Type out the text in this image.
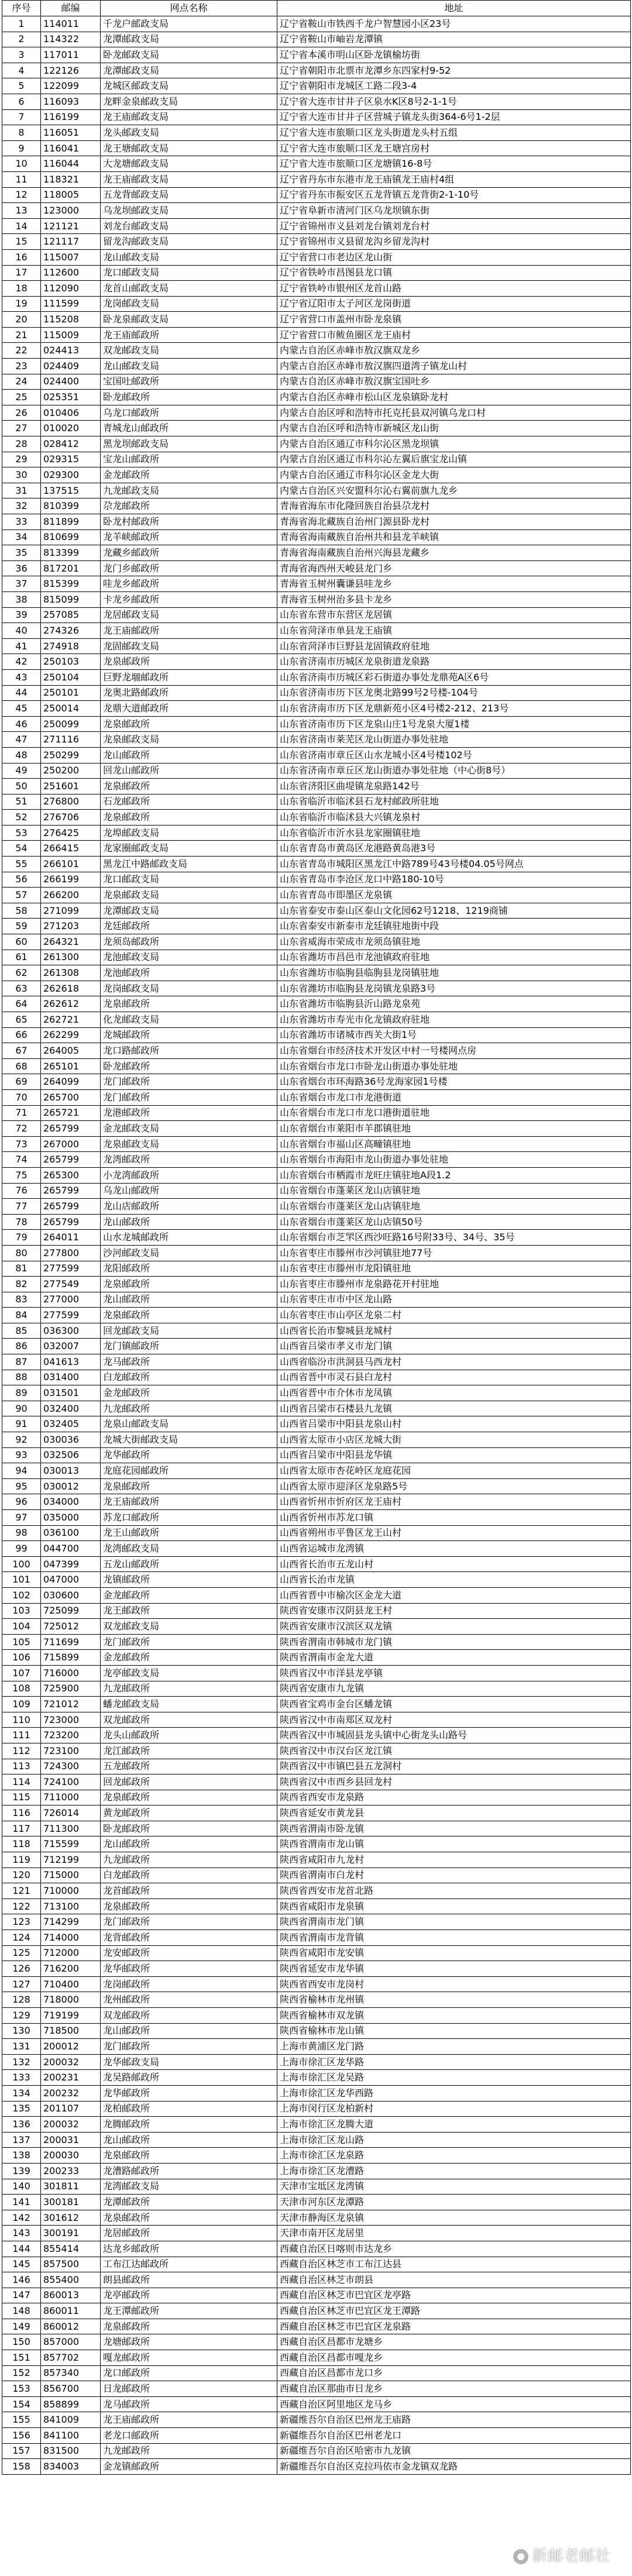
序号	邮编	网点名称	地址
1	114011	千龙户邮政支局	辽宁省鞍山市铁西千龙户智慧园小区23号
2	114322	龙潭邮政支局	辽宁省鞍山市岫岩龙潭镇
3	117011	卧龙邮政支局	辽宁省本溪市明山区卧龙镇榆坊街
4	122126	龙潭邮政支局	辽宁省朝阳市北票市龙潭乡东四家村9-52
5	122099	龙城区邮政支局	辽宁省朝阳市龙城区工路二段3-4
6	116093	龙畔金泉邮政支局	辽宁省大连市甘井子区泉水K区8号2-1-1号
7	116199	龙王庙邮政支局	辽宁省大连市甘井子区营城子镇龙头街364-6号1-2层
8	116051	龙头邮政支局	辽宁省大连市旅顺口区龙头街道龙头村五组
9	116041	龙王塘邮政支局	辽宁省大连市旅顺口区龙王塘宫房村
10	116044	大龙塘邮政支局	辽宁省大连市旅顺口区龙塘镇16-8号
11	118321	龙王庙邮政支局	辽宁省丹东市东港市龙王庙镇龙王庙村4组
12	118005	五龙背邮政支局	辽宁省丹东市振安区五龙背镇五龙背街2-1-10号
13	123000	乌龙坝邮政支局	辽宁省阜新市清河门区乌龙坝镇东街
14	121121	刘龙台邮政支局	辽宁省锦州市义县刘龙台镇刘龙台村
15	121117	留龙沟邮政支局	辽宁省锦州市义县留龙沟乡留龙沟村
16	115007	龙山邮政支局	辽宁省营口市老边区龙山街
17	112600	龙口邮政支局	辽宁省铁岭市昌图县龙口镇
18	112090	龙首山邮政支局	辽宁省铁岭市银州区龙首山路
19	111599	龙岗邮政支局	辽宁省辽阳市太子河区龙岗街道
20	115208	卧龙泉邮政支局	辽宁省营口市盖州市卧龙泉镇
21	115009	龙王庙邮政所	辽宁省营口市鲅鱼圈区龙王庙村
22	024413	双龙邮政支局	内蒙古自治区赤峰市敖汉旗双龙乡
23	024409	龙山邮政支局	内蒙古自治区赤峰市敖汉旗四道湾子镇龙山村
24	024400	宝国吐邮政所	内蒙古自治区赤峰市敖汉旗宝国吐乡
25	025351	卧龙邮政所	内蒙古自治区赤峰市松山区龙泉镇卧龙村
26	010406	乌龙口邮政所	内蒙古自治区呼和浩特市托克托县双河镇乌龙口村
27	010020	青城龙山邮政所	内蒙古自治区呼和浩特市新城区龙山街
28	028412	黑龙坝邮政支局	内蒙古自治区通辽市科尔沁区黑龙坝镇
29	029315	宝龙山邮政所	内蒙古自治区通辽市科尔沁左翼后旗宝龙山镇
30	029300	金龙邮政所	内蒙古自治区通辽市科尔沁区金龙大街
31	137515	九龙邮政支局	内蒙古自治区兴安盟科尔沁右翼前旗九龙乡
32	810399	尕龙邮政所	青海省海东市化隆回族自治县尕龙村
33	811899	卧龙村邮政所	青海省海北藏族自治州门源县卧龙村
34	810699	龙羊峡邮政所	青海省海南藏族自治州共和县龙羊峡镇
35	813399	龙藏乡邮政所	青海省海南藏族自治州兴海县龙藏乡
36	817201	龙门乡邮政所	青海省海西州天峻县龙门乡
37	815399	哇龙乡邮政所	青海省玉树州囊谦县哇龙乡
38	815099	卡龙乡邮政所	青海省玉树州治多县卡龙乡
39	257085	龙居邮政支局	山东省东营市东营区龙居镇
40	274326	龙王庙邮政所	山东省菏泽市单县龙王庙镇
41	274918	龙固邮政支局	山东省菏泽市巨野县龙固镇政府驻地
42	250103	龙泉邮政所	山东省济南市历城区龙泉街道龙泉路
43	250104	巨野龙堌邮政所	山东省济南市历城区彩石街道办事处龙鼎苑A区6号
44	250101	龙奥北路邮政所	山东省济南市历下区龙奥北路99号2号楼-104号
45	250014	龙鼎大道邮政所	山东省济南市历下区龙鼎新苑小区4号楼2-212、213号
46	250099	龙泉邮政所	山东省济南市历下区龙泉山庄1号龙泉大厦1楼
47	271116	龙泉邮政支局	山东省济南市莱芜区龙山街道办事处驻地
48	250299	龙山邮政所	山东省济南市章丘区山水龙城小区4号楼102号
49	250200	回龙山邮政所	山东省济南市章丘区龙山街道办事处驻地（中心街8号）
50	251601	龙泉邮政所	山东省济阳区曲堤镇龙泉路142号
51	276800	石龙邮政所	山东省临沂市临沭县石龙村邮政所驻地
52	276706	龙泉邮政所	山东省临沂市临沭县大兴镇龙泉村
53	276425	龙埠邮政支局	山东省临沂市沂水县龙家圈镇驻地
54	266415	龙家圈邮政支局	山东省青岛市黄岛区龙港路黄岛港3号
55	266101	黑龙江中路邮政支局	山东省青岛市城阳区黑龙江中路789号43号楼04.05号网点
56	266199	龙口邮政支局	山东省青岛市李沧区龙口中路180-10号
57	266200	龙泉邮政支局	山东省青岛市即墨区龙泉镇
58	271099	龙潭邮政支局	山东省泰安市泰山区泰山文化园62号1218、1219商铺
59	271203	龙廷邮政所	山东省泰安市新泰市龙廷镇驻地街中段
60	264321	龙须岛邮政所	山东省威海市荣成市龙须岛镇驻地
61	261300	龙池邮政支局	山东省潍坊市昌邑市龙池镇政府驻地
62	261308	龙池邮政所	山东省潍坊市临朐县临朐县龙岗镇驻地
63	262618	龙岗邮政支局	山东省潍坊市临朐县龙岗镇龙泉路3号
64	262612	龙泉邮政所	山东省潍坊市临朐县沂山路龙泉苑
65	262721	化龙邮政支局	山东省潍坊市寿光市化龙镇政府驻地
66	262299	龙城邮政所	山东省潍坊市诸城市西关大街1号
67	264005	龙口路邮政所	山东省烟台市经济技术开发区中村一号楼网点房
68	265101	卧龙邮政所	山东省烟台市龙口市卧龙山街道办事处驻地
69	264099	龙门邮政所	山东省烟台市环海路36号龙海家园1号楼
70	265700	龙门邮政所	山东省烟台市龙口市龙港街道
71	265721	龙港邮政所	山东省烟台市龙口市龙口港街道驻地
72	265799	金龙邮政支局	山东省烟台市莱阳市羊郡镇驻地
73	267000	龙泉邮政支局	山东省烟台市福山区高疃镇驻地
74	265799	龙湾邮政所	山东省烟台市海阳市龙山街道办事处驻地
75	265300	小龙湾邮政所	山东省烟台市栖霞市龙旺庄镇驻地A段1.2
76	265799	乌龙山邮政所	山东省烟台市蓬莱区龙山店镇驻地
77	265799	龙山店邮政所	山东省烟台市蓬莱区龙山店镇驻地
78	265799	龙山邮政所	山东省烟台市蓬莱区龙山店镇50号
79	264011	山水龙城邮政所	山东省烟台市芝罘区西沙旺路16号附33号、34号、35号
80	277800	沙河邮政支局	山东省枣庄市滕州市沙河镇驻地77号
81	277599	龙阳邮政所	山东省枣庄市滕州市龙阳镇驻地
82	277549	龙泉邮政所	山东省枣庄市滕州市龙泉路花开村驻地
83	277000	龙山邮政所	山东省枣庄市市中区龙山路
84	277599	龙泉邮政所	山东省枣庄市山亭区龙泉二村
85	036300	回龙邮政支局	山西省长治市黎城县龙城村
86	032007	龙门镇邮政所	山西省吕梁市孝义市龙门镇
87	041613	龙马邮政所	山西省临汾市洪洞县马西龙村
88	031400	白龙邮政所	山西省晋中市灵石县白龙村
89	031501	金龙邮政所	山西省晋中市介休市龙凤镇
90	032400	九龙邮政所	山西省吕梁市石楼县九龙镇
91	032405	龙泉山邮政支局	山西省吕梁市中阳县龙泉山村
92	030036	龙城大街邮政支局	山西省太原市小店区龙城大街
93	032506	龙华邮政所	山西省吕梁市中阳县龙华镇
94	030013	龙庭花园邮政所	山西省太原市杏花岭区龙庭花园
95	030012	龙泉邮政所	山西省太原市迎泽区龙泉路5号
96	034000	龙王庙邮政所	山西省忻州市忻府区龙王庙村
97	035000	苏龙口邮政所	山西省忻州市苏龙口镇
98	036100	龙王山邮政所	山西省朔州市平鲁区龙王山村
99	044700	龙湾邮政支局	山西省运城市龙湾镇
100	047399	五龙山邮政所	山西省长治市五龙山村
101	047000	龙镇邮政所	山西省长治市龙镇
102	030600	金龙邮政所	山西省晋中市榆次区金龙大道
103	725099	龙王邮政所	陕西省安康市汉阴县龙王村
104	725012	双龙邮政支局	陕西省安康市汉滨区双龙镇
105	711699	龙门邮政所	陕西省渭南市韩城市龙门镇
106	715899	金龙邮政所	陕西省渭南市金龙大道
107	716000	龙亭邮政支局	陕西省汉中市洋县龙亭镇
108	725900	九龙邮政所	陕西省安康市九龙镇
109	721012	蟠龙邮政支局	陕西省宝鸡市金台区蟠龙镇
110	723000	双龙邮政所	陕西省汉中市南郑区双龙村
111	723200	龙头山邮政所	陕西省汉中市城固县龙头镇中心街龙头山路号
112	723100	龙江邮政所	陕西省汉中市汉台区龙江镇
113	724300	五龙邮政所	陕西省汉中市镇巴县五龙洞村
114	724100	回龙邮政所	陕西省汉中市西乡县回龙村
115	711000	龙泉邮政所	陕西省西安市龙泉路
116	726014	黄龙邮政所	陕西省延安市黄龙县
117	711300	卧龙邮政所	陕西省渭南市卧龙镇
118	715599	龙山邮政所	陕西省渭南市龙山镇
119	712199	九龙邮政所	陕西省咸阳市九龙村
120	715000	白龙邮政所	陕西省渭南市白龙村
121	710000	龙首邮政所	陕西省西安市龙首北路
122	713100	龙泉邮政所	陕西省咸阳市龙泉镇
123	714299	龙门邮政所	陕西省渭南市龙门镇
124	714000	龙背邮政所	陕西省渭南市龙背镇
125	712000	龙安邮政所	陕西省咸阳市龙安镇
126	716200	龙华邮政所	陕西省延安市龙华镇
127	710400	龙岗邮政所	陕西省西安市龙岗村
128	718000	龙州邮政所	陕西省榆林市龙州镇
129	719199	双龙邮政所	陕西省榆林市双龙镇
130	718500	龙山邮政所	陕西省榆林市龙山镇
131	200012	龙门邮政所	上海市黄浦区龙门路
132	200032	龙华邮政支局	上海市徐汇区龙华路
133	200231	龙吴路邮政所	上海市徐汇区龙吴路
134	200232	龙华邮政所	上海市徐汇区龙华西路
135	201107	龙柏邮政所	上海市闵行区龙柏新村
136	200032	龙腾邮政所	上海市徐汇区龙腾大道
137	200031	龙山邮政所	上海市徐汇区龙山路
138	200030	龙泉邮政所	上海市徐汇区龙泉路
139	200233	龙漕路邮政所	上海市徐汇区龙漕路
140	301811	龙湾邮政支局	天津市宝坻区龙湾镇
141	300181	龙潭邮政所	天津市河东区龙潭路
142	301612	龙泉邮政所	天津市静海区龙泉镇
143	300191	龙居邮政所	天津市南开区龙居里
144	855414	达龙乡邮政所	西藏自治区日喀则市达龙乡
145	857500	工布江达邮政所	西藏自治区林芝市工布江达县
146	855400	朗县邮政所	西藏自治区林芝市朗县
147	860013	龙亭邮政所	西藏自治区林芝市巴宜区龙亭路
148	860011	龙王潭邮政所	西藏自治区林芝市巴宜区龙王潭路
149	860012	龙泉邮政所	西藏自治区林芝市巴宜区龙泉路
150	857000	龙塘邮政所	西藏自治区昌都市龙塘乡
151	857702	嘎龙邮政所	西藏自治区昌都市嘎龙乡
152	857340	龙口邮政所	西藏自治区昌都市龙口乡
153	856700	日龙邮政所	西藏自治区那曲市日龙乡
154	858899	龙马邮政所	西藏自治区阿里地区龙马乡
155	841009	龙王庙邮政所	新疆维吾尔自治区巴州龙王庙路
156	841100	老龙口邮政所	新疆维吾尔自治区巴州老龙口
157	831500	九龙邮政所	新疆维吾尔自治区哈密市九龙镇
158	834003	金龙镇邮政所	新疆维吾尔自治区克拉玛依市金龙镇双龙路
新邮老邮社
